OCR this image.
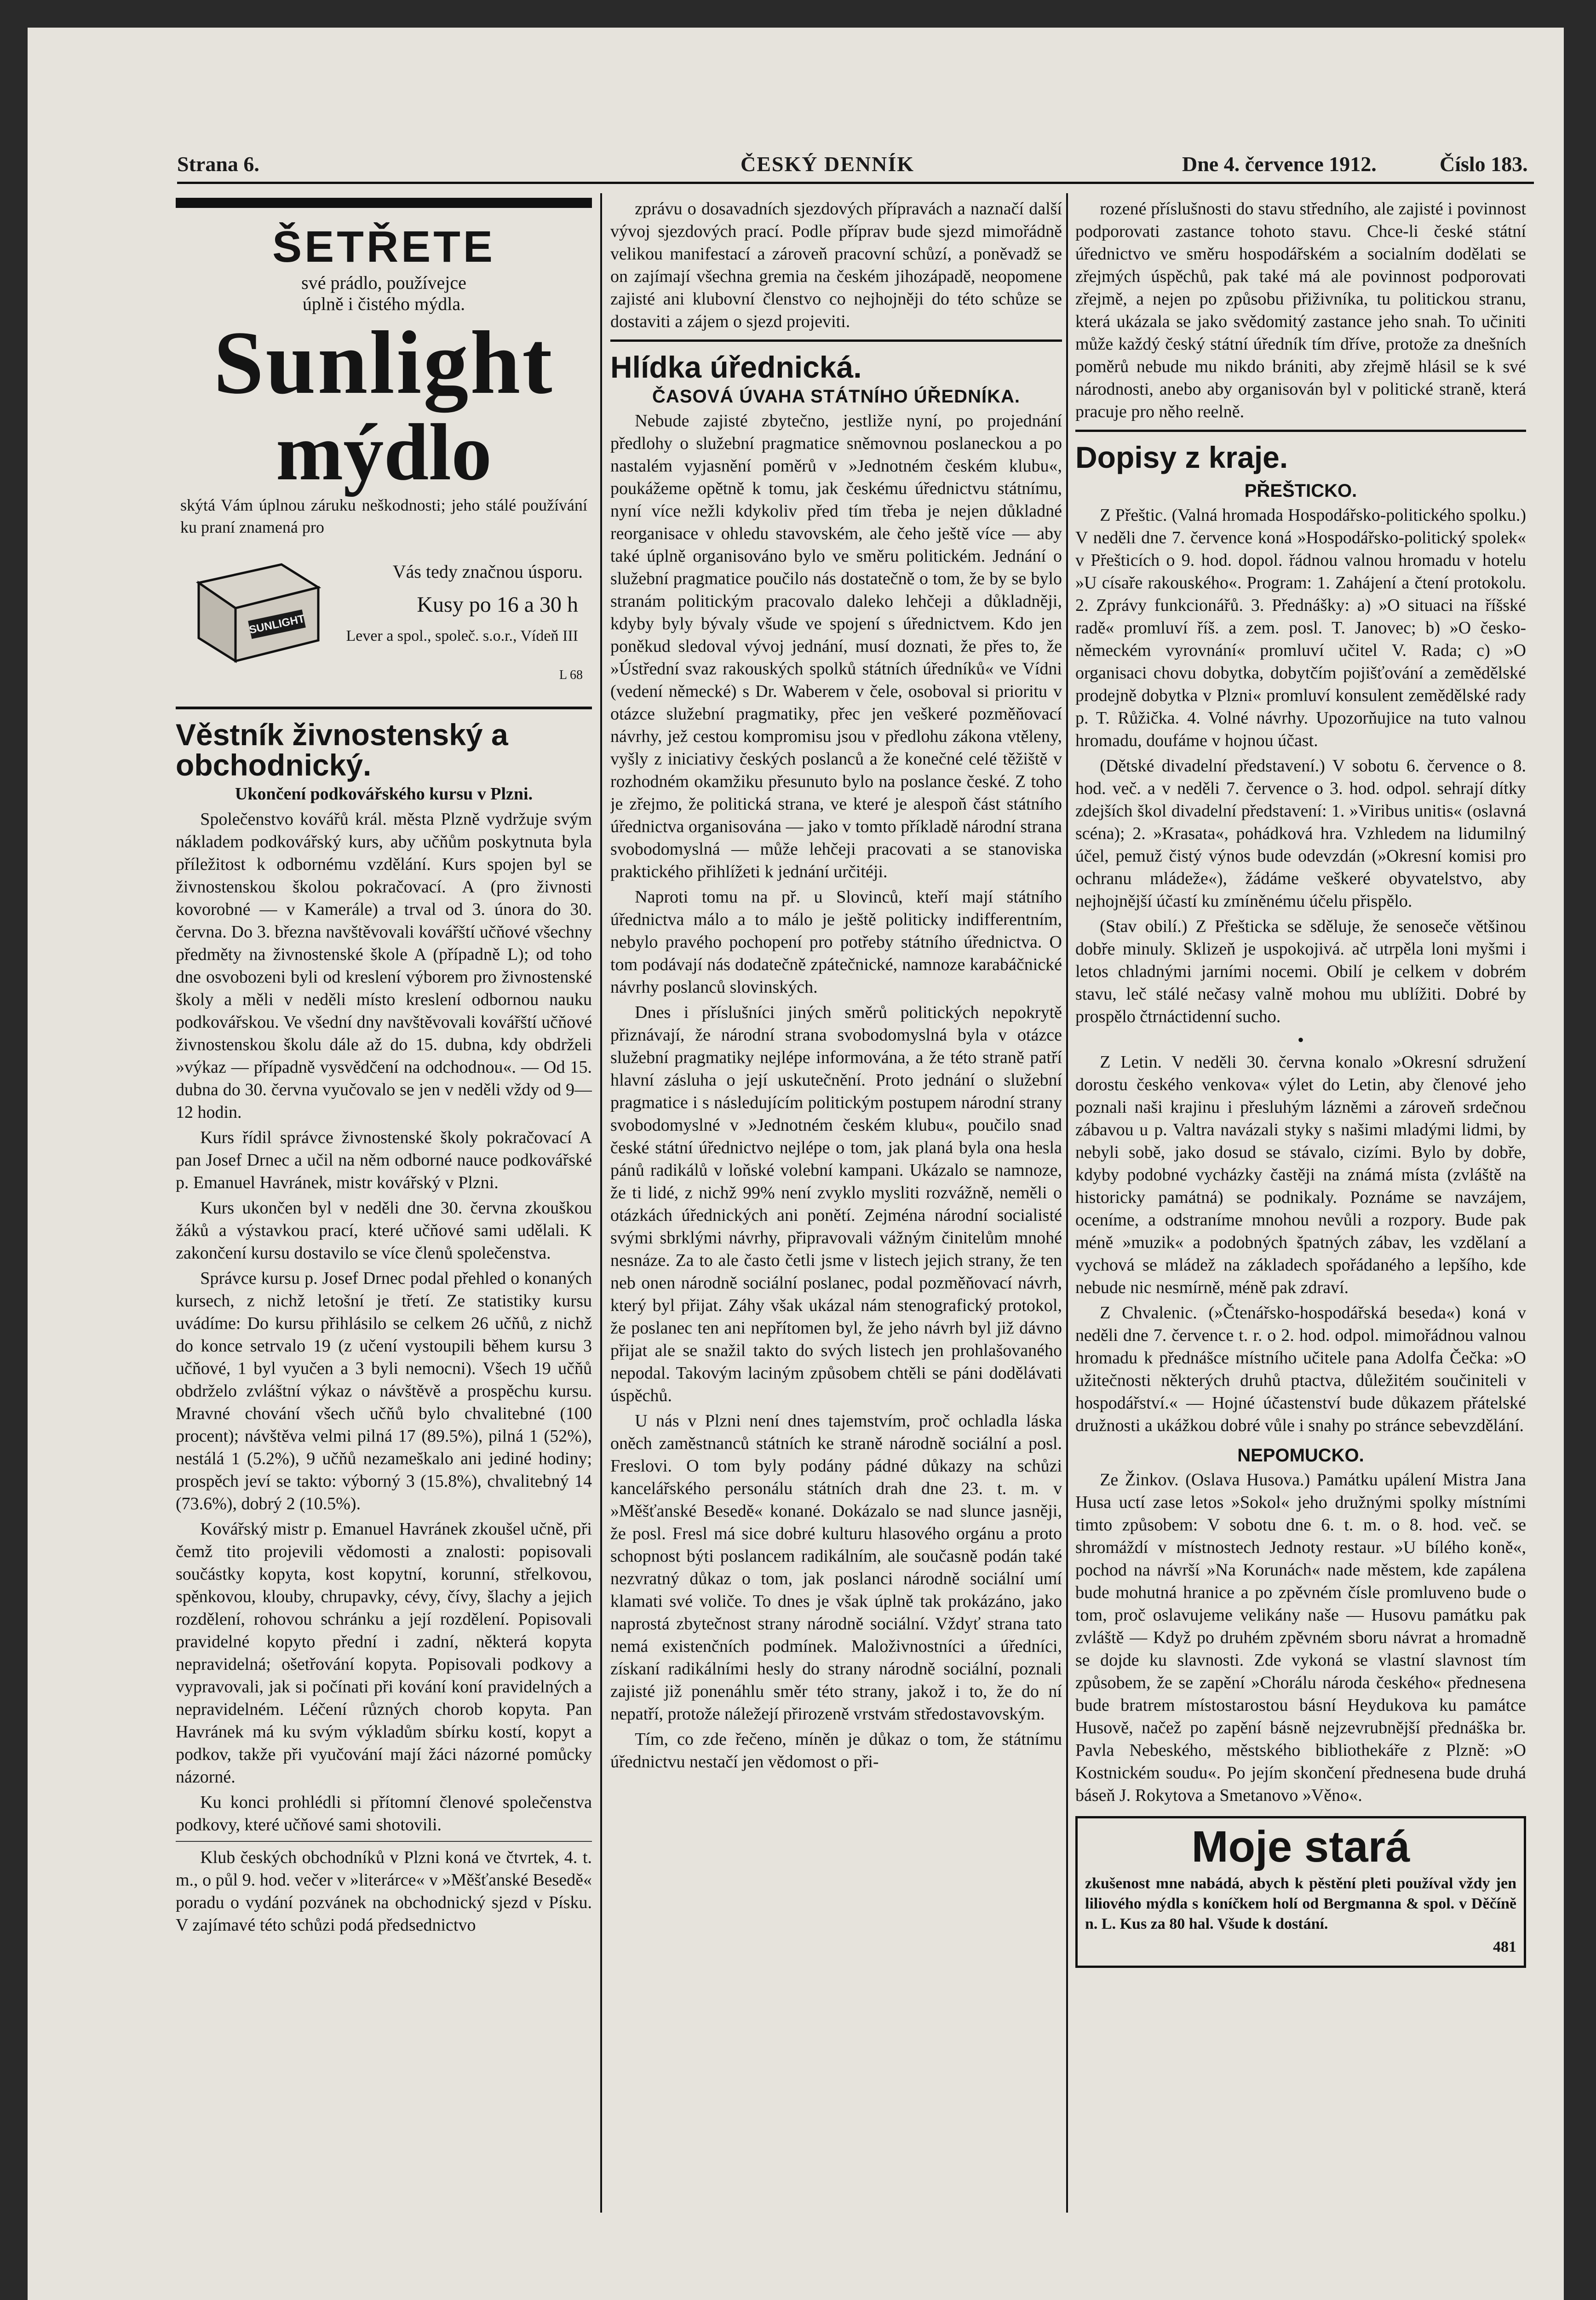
Strana 6.	ČESKÝ DENNÍK	Dne 4. července 1912.	Číslo 183.
ŠETŘETE
své prádlo, používejce
úplně i čistého mýdla.
Sunlight
mýdlo
skýtá Vám úplnou záruku neškodnosti; jeho stálé používání ku praní znamená pro
SUNLIGHT
Vás tedy značnou úsporu.
Kusy po 16 a 30 h
Lever a spol., společ. s.o.r., Vídeň III
L 68
Věstník živnostenský a obchodnický.

Ukončení podkovářského kursu v Plzni.

Společenstvo kovářů král. města Plzně vydržuje svým nákladem podkovářský kurs, aby učňům poskytnuta byla příležitost k odbornému vzdělání. Kurs spojen byl se živnostenskou školou pokračovací. A (pro živnosti kovorobné — v Kamerále) a trval od 3. února do 30. června. Do 3. března navštěvovali kovářští učňové všechny předměty na živnostenské škole A (případně L); od toho dne osvobozeni byli od kreslení výborem pro živnostenské školy a měli v neděli místo kreslení odbornou nauku podkovářskou. Ve všední dny navštěvovali kovářští učňové živnostenskou školu dále až do 15. dubna, kdy obdrželi »výkaz — případně vysvědčení na odchodnou«. — Od 15. dubna do 30. června vyučovalo se jen v neděli vždy od 9—12 hodin.

Kurs řídil správce živnostenské školy pokračovací A pan Josef Drnec a učil na něm odborné nauce podkovářské p. Emanuel Havránek, mistr kovářský v Plzni.

Kurs ukončen byl v neděli dne 30. června zkouškou žáků a výstavkou prací, které učňové sami udělali. K zakončení kursu dostavilo se více členů společenstva.

Správce kursu p. Josef Drnec podal přehled o konaných kursech, z nichž letošní je třetí. Ze statistiky kursu uvádíme: Do kursu přihlásilo se celkem 26 učňů, z nichž do konce setrvalo 19 (z učení vystoupili během kursu 3 učňové, 1 byl vyučen a 3 byli nemocni). Všech 19 učňů obdrželo zvláštní výkaz o návštěvě a prospěchu kursu. Mravné chování všech učňů bylo chvalitebné (100 procent); návštěva velmi pilná 17 (89.5%), pilná 1 (52%), nestálá 1 (5.2%), 9 učňů nezameškalo ani jediné hodiny; prospěch jeví se takto: výborný 3 (15.8%), chvalitebný 14 (73.6%), dobrý 2 (10.5%).

Kovářský mistr p. Emanuel Havránek zkoušel učně, při čemž tito projevili vědomosti a znalosti: popisovali součástky kopyta, kost kopytní, korunní, střelkovou, spěnkovou, klouby, chrupavky, cévy, čívy, šlachy a jejich rozdělení, rohovou schránku a její rozdělení. Popisovali pravidelné kopyto přední i zadní, některá kopyta nepravidelná; ošetřování kopyta. Popisovali podkovy a vypravovali, jak si počínati při kování koní pravidelných a nepravidelném. Léčení různých chorob kopyta. Pan Havránek má ku svým výkladům sbírku kostí, kopyt a podkov, takže při vyučování mají žáci názorné pomůcky názorné.

Ku konci prohlédli si přítomní členové společenstva podkovy, které učňové sami shotovili.

Klub českých obchodníků v Plzni koná ve čtvrtek, 4. t. m., o půl 9. hod. večer v »literárce« v »Měšťanské Besedě« poradu o vydání pozvánek na obchodnický sjezd v Písku. V zajímavé této schůzi podá předsednictvo

zprávu o dosavadních sjezdových přípravách a naznačí další vývoj sjezdových prací. Podle příprav bude sjezd mimořádně velikou manifestací a zároveň pracovní schůzí, a poněvadž se on zajímají všechna gremia na českém jihozápadě, neopomene zajisté ani klubovní členstvo co nejhojněji do této schůze se dostaviti a zájem o sjezd projeviti.

Hlídka úřednická.

ČASOVÁ ÚVAHA STÁTNÍHO ÚŘEDNÍKA.

Nebude zajisté zbytečno, jestliže nyní, po projednání předlohy o služební pragmatice sněmovnou poslaneckou a po nastalém vyjasnění poměrů v »Jednotném českém klubu«, poukážeme opětně k tomu, jak českému úřednictvu státnímu, nyní více nežli kdykoliv před tím třeba je nejen důkladné reorganisace v ohledu stavovském, ale čeho ještě více — aby také úplně organisováno bylo ve směru politickém. Jednání o služební pragmatice poučilo nás dostatečně o tom, že by se bylo stranám politickým pracovalo daleko lehčeji a důkladněji, kdyby byly bývaly všude ve spojení s úřednictvem. Kdo jen poněkud sledoval vývoj jednání, musí doznati, že přes to, že »Ústřední svaz rakouských spolků státních úředníků« ve Vídni (vedení německé) s Dr. Waberem v čele, osoboval si prioritu v otázce služební pragmatiky, přec jen veškeré pozměňovací návrhy, jež cestou kompromisu jsou v předlohu zákona vtěleny, vyšly z iniciativy českých poslanců a že konečné celé těžiště v rozhodném okamžiku přesunuto bylo na poslance české. Z toho je zřejmo, že politická strana, ve které je alespoň část státního úřednictva organisována — jako v tomto příkladě národní strana svobodomyslná — může lehčeji pracovati a se stanoviska praktického přihlížeti k jednání určitéji.

Naproti tomu na př. u Slovinců, kteří mají státního úřednictva málo a to málo je ještě politicky indifferentním, nebylo pravého pochopení pro potřeby státního úřednictva. O tom podávají nás dodatečně zpátečnické, namnoze karabáčnické návrhy poslanců slovinských.

Dnes i příslušníci jiných směrů politických nepokrytě přiznávají, že národní strana svobodomyslná byla v otázce služební pragmatiky nejlépe informována, a že této straně patří hlavní zásluha o její uskutečnění. Proto jednání o služební pragmatice i s následujícím politickým postupem národní strany svobodomyslné v »Jednotném českém klubu«, poučilo snad české státní úřednictvo nejlépe o tom, jak planá byla ona hesla pánů radikálů v loňské volební kampani. Ukázalo se namnoze, že ti lidé, z nichž 99% není zvyklo mysliti rozvážně, neměli o otázkách úřednických ani ponětí. Zejména národní socialisté svými sbrklými návrhy, připravovali vážným činitelům mnohé nesnáze. Za to ale často četli jsme v listech jejich strany, že ten neb onen národně sociální poslanec, podal pozměňovací návrh, který byl přijat. Záhy však ukázal nám stenografický protokol, že poslanec ten ani nepřítomen byl, že jeho návrh byl již dávno přijat ale se snažil takto do svých listech jen prohlašovaného nepodal. Takovým laciným způsobem chtěli se páni dodělávati úspěchů.

U nás v Plzni není dnes tajemstvím, proč ochladla láska oněch zaměstnanců státních ke straně národně sociální a posl. Freslovi. O tom byly podány pádné důkazy na schůzi kancelářského personálu státních drah dne 23. t. m. v »Měšťanské Besedě« konané. Dokázalo se nad slunce jasněji, že posl. Fresl má sice dobré kulturu hlasového orgánu a proto schopnost býti poslancem radikálním, ale současně podán také nezvratný důkaz o tom, jak poslanci národně sociální umí klamati své voliče. To dnes je však úplně tak prokázáno, jako naprostá zbytečnost strany národně sociální. Vždyť strana tato nemá existenčních podmínek. Maloživnostníci a úředníci, získaní radikálními hesly do strany národně sociální, poznali zajisté již ponenáhlu směr této strany, jakož i to, že do ní nepatří, protože náležejí přirozeně vrstvám středostavovským.

Tím, co zde řečeno, míněn je důkaz o tom, že státnímu úřednictvu nestačí jen vědomost o při-

rozené příslušnosti do stavu středního, ale zajisté i povinnost podporovati zastance tohoto stavu. Chce-li české státní úřednictvo ve směru hospodářském a socialním dodělati se zřejmých úspěchů, pak také má ale povinnost podporovati zřejmě, a nejen po způsobu přiživníka, tu politickou stranu, která ukázala se jako svědomitý zastance jeho snah. To učiniti může každý český státní úředník tím dříve, protože za dnešních poměrů nebude mu nikdo brániti, aby zřejmě hlásil se k své národnosti, anebo aby organisován byl v politické straně, která pracuje pro něho reelně.

Dopisy z kraje.

PŘEŠTICKO.

Z Přeštic. (Valná hromada Hospodářsko-politického spolku.) V neděli dne 7. července koná »Hospodářsko-politický spolek« v Přešticích o 9. hod. dopol. řádnou valnou hromadu v hotelu »U císaře rakouského«. Program: 1. Zahájení a čtení protokolu. 2. Zprávy funkcionářů. 3. Přednášky: a) »O situaci na říšské radě« promluví říš. a zem. posl. T. Janovec; b) »O česko-německém vyrovnání« promluví učitel V. Rada; c) »O organisaci chovu dobytka, dobytčím pojišťování a zemědělské prodejně dobytka v Plzni« promluví konsulent zemědělské rady p. T. Růžička. 4. Volné návrhy. Upozorňujice na tuto valnou hromadu, doufáme v hojnou účast.

(Dětské divadelní představení.) V sobotu 6. července o 8. hod. več. a v neděli 7. července o 3. hod. odpol. sehrají dítky zdejších škol divadelní představení: 1. »Viribus unitis« (oslavná scéna); 2. »Krasata«, pohádková hra. Vzhledem na lidumilný účel, pemuž čistý výnos bude odevzdán (»Okresní komisi pro ochranu mládeže«), žádáme veškeré obyvatelstvo, aby nejhojnější účastí ku zmíněnému účelu přispělo.

(Stav obilí.) Z Přešticka se sděluje, že senoseče většinou dobře minuly. Sklizeň je uspokojivá. ač utrpěla loni myšmi i letos chladnými jarními nocemi. Obilí je celkem v dobrém stavu, leč stálé nečasy valně mohou mu ublížiti. Dobré by prospělo čtrnáctidenní sucho.

•

Z Letin. V neděli 30. června konalo »Okresní sdružení dorostu českého venkova« výlet do Letin, aby členové jeho poznali naši krajinu i přesluhým lázněmi a zároveň srdečnou zábavou u p. Valtra navázali styky s našimi mladými lidmi, by nebyli sobě, jako dosud se stávalo, cizími. Bylo by dobře, kdyby podobné vycházky častěji na známá místa (zvláště na historicky památná) se podnikaly. Poznáme se navzájem, oceníme, a odstraníme mnohou nevůli a rozpory. Bude pak méně »muzik« a podobných špatných zábav, les vzdělaní a vychová se mládež na základech spořádaného a lepšího, kde nebude nic nesmírně, méně pak zdraví.

Z Chvalenic. (»Čtenářsko-hospodářská beseda«) koná v neděli dne 7. července t. r. o 2. hod. odpol. mimořádnou valnou hromadu k přednášce místního učitele pana Adolfa Čečka: »O užitečnosti některých druhů ptactva, důležitém součiniteli v hospodářství.« — Hojné účastenství bude důkazem přátelské družnosti a ukážkou dobré vůle i snahy po stránce sebevzdělání.

NEPOMUCKO.

Ze Žinkov. (Oslava Husova.) Památku upálení Mistra Jana Husa uctí zase letos »Sokol« jeho družnými spolky místními timto způsobem: V sobotu dne 6. t. m. o 8. hod. več. se shromáždí v místnostech Jednoty restaur. »U bílého koně«, pochod na návrší »Na Korunách« nade městem, kde zapálena bude mohutná hranice a po zpěvném čísle promluveno bude o tom, proč oslavujeme velikány naše — Husovu památku pak zvláště — Když po druhém zpěvném sboru návrat a hromadně se dojde ku slavnosti. Zde vykoná se vlastní slavnost tím způsobem, že se zapění »Chorálu národa českého« přednesena bude bratrem místostarostou básní Heydukova ku památce Husově, načež po zapění básně nejzevrubnější přednáška br. Pavla Nebeského, městského bibliothekáře z Plzně: »O Kostnickém soudu«. Po jejím skončení přednesena bude druhá báseň J. Rokytova a Smetanovo »Věno«.

Moje stará

zkušenost mne nabádá, abych k pěstění pleti používal vždy jen liliového mýdla s koníčkem holí od Bergmanna & spol. v Děčíně n. L. Kus za 80 hal. Všude k dostání.

481
